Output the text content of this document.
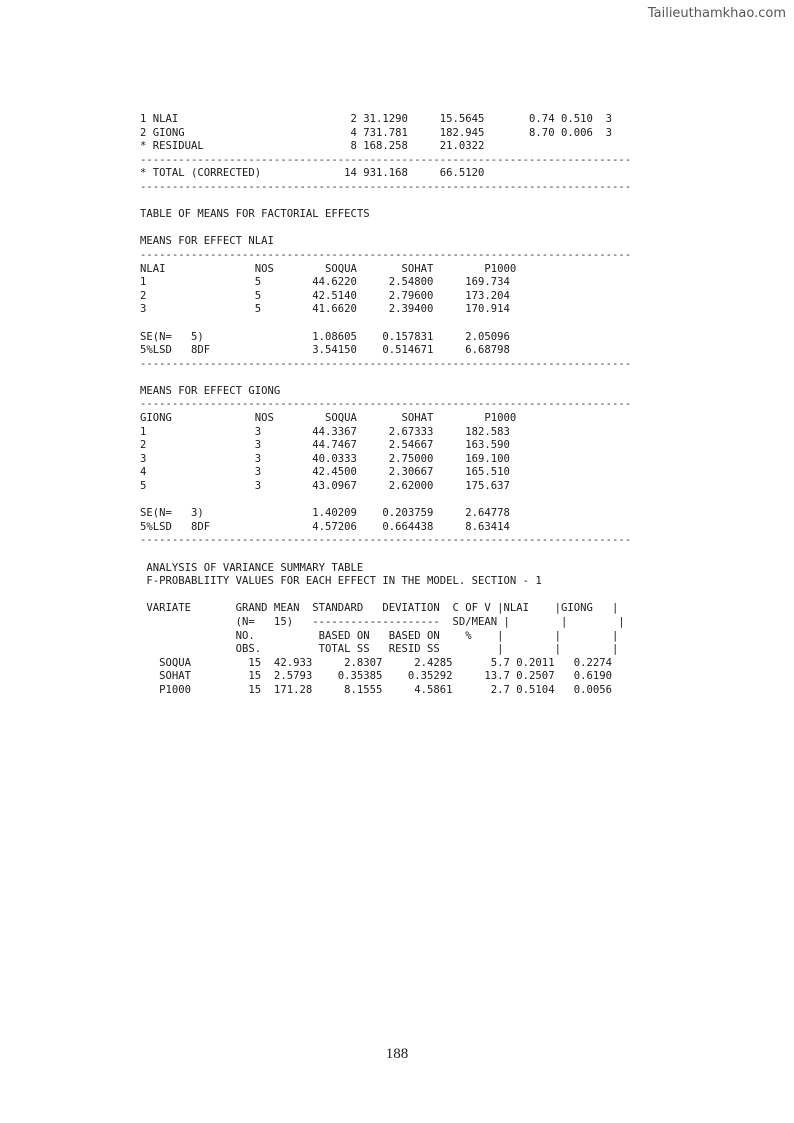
Tailieuthamkhao.com
1 NLAI                           2 31.1290     15.5645       0.74 0.510  3
2 GIONG                          4 731.781     182.945       8.70 0.006  3
* RESIDUAL                       8 168.258     21.0322
-----------------------------------------------------------------------------
* TOTAL (CORRECTED)             14 931.168     66.5120
-----------------------------------------------------------------------------
TABLE OF MEANS FOR FACTORIAL EFFECTS
MEANS FOR EFFECT NLAI
-----------------------------------------------------------------------------
NLAI              NOS        SOQUA       SOHAT        P1000
1                 5        44.6220     2.54800     169.734
2                 5        42.5140     2.79600     173.204
3                 5        41.6620     2.39400     170.914
SE(N=   5)                 1.08605    0.157831     2.05096
5%LSD   8DF                3.54150    0.514671     6.68798
-----------------------------------------------------------------------------
MEANS FOR EFFECT GIONG
-----------------------------------------------------------------------------
GIONG             NOS        SOQUA       SOHAT        P1000
1                 3        44.3367     2.67333     182.583
2                 3        44.7467     2.54667     163.590
3                 3        40.0333     2.75000     169.100
4                 3        42.4500     2.30667     165.510
5                 3        43.0967     2.62000     175.637
SE(N=   3)                 1.40209    0.203759     2.64778
5%LSD   8DF                4.57206    0.664438     8.63414
-----------------------------------------------------------------------------
ANALYSIS OF VARIANCE SUMMARY TABLE
F-PROBABLIITY VALUES FOR EACH EFFECT IN THE MODEL. SECTION - 1
VARIATE       GRAND MEAN  STANDARD   DEVIATION  C OF V |NLAI    |GIONG   |
(N=   15)   --------------------  SD/MEAN |        |        |
NO.          BASED ON   BASED ON    %    |        |        |
OBS.         TOTAL SS   RESID SS         |        |        |
SOQUA         15  42.933     2.8307     2.4285      5.7 0.2011   0.2274
SOHAT         15  2.5793    0.35385    0.35292     13.7 0.2507   0.6190
P1000         15  171.28     8.1555     4.5861      2.7 0.5104   0.0056
188
